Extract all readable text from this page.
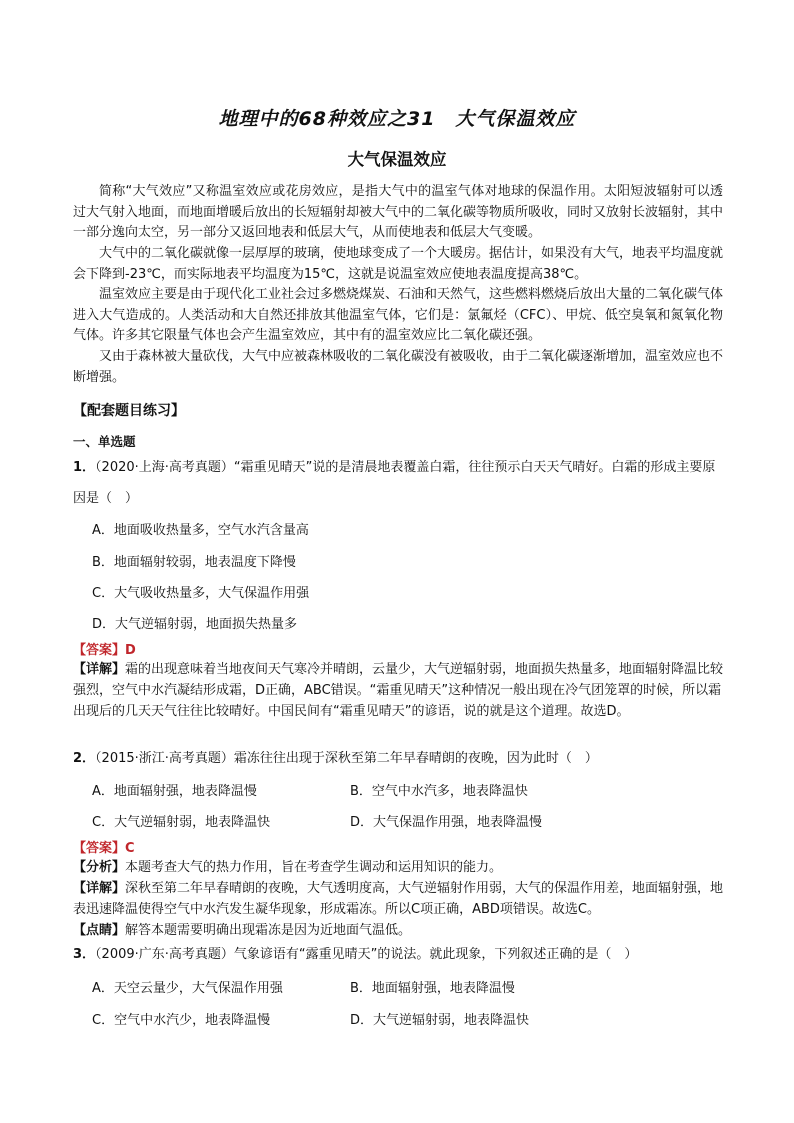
地理中的68种效应之31　大气保温效应
大气保温效应

简称“大气效应”又称温室效应或花房效应，是指大气中的温室气体对地球的保温作用。太阳短波辐射可以透过大气射入地面，而地面增暖后放出的长短辐射却被大气中的二氧化碳等物质所吸收，同时又放射长波辐射，其中一部分逸向太空，另一部分又返回地表和低层大气，从而使地表和低层大气变暖。

大气中的二氧化碳就像一层厚厚的玻璃，使地球变成了一个大暖房。据估计，如果没有大气，地表平均温度就会下降到-23℃，而实际地表平均温度为15℃，这就是说温室效应使地表温度提高38℃。

温室效应主要是由于现代化工业社会过多燃烧煤炭、石油和天然气，这些燃料燃烧后放出大量的二氧化碳气体进入大气造成的。人类活动和大自然还排放其他温室气体，它们是：氯氟烃（CFC）、甲烷、低空臭氧和氮氧化物气体。许多其它限量气体也会产生温室效应，其中有的温室效应比二氧化碳还强。

又由于森林被大量砍伐，大气中应被森林吸收的二氧化碳没有被吸收，由于二氧化碳逐渐增加，温室效应也不断增强。

【配套题目练习】
一、单选题

1．（2020·上海·高考真题）“霜重见晴天”说的是清晨地表覆盖白霜，往往预示白天天气晴好。白霜的形成主要原因是（　）

A．地面吸收热量多，空气水汽含量高
B．地面辐射较弱，地表温度下降慢
C．大气吸收热量多，大气保温作用强
D．大气逆辐射弱，地面损失热量多
【答案】D

【详解】霜的出现意味着当地夜间天气寒冷并晴朗，云量少，大气逆辐射弱，地面损失热量多，地面辐射降温比较强烈，空气中水汽凝结形成霜，D正确，ABC错误。“霜重见晴天”这种情况一般出现在冷气团笼罩的时候，所以霜出现后的几天天气往往比较晴好。中国民间有“霜重见晴天”的谚语，说的就是这个道理。故选D。

2．（2015·浙江·高考真题）霜冻往往出现于深秋至第二年早春晴朗的夜晚，因为此时（　）

A．地面辐射强，地表降温慢	B．空气中水汽多，地表降温快
C．大气逆辐射弱，地表降温快	D．大气保温作用强，地表降温慢
【答案】C

【分析】本题考查大气的热力作用，旨在考查学生调动和运用知识的能力。

【详解】深秋至第二年早春晴朗的夜晚，大气透明度高，大气逆辐射作用弱，大气的保温作用差，地面辐射强，地表迅速降温使得空气中水汽发生凝华现象，形成霜冻。所以C项正确，ABD项错误。故选C。

【点睛】解答本题需要明确出现霜冻是因为近地面气温低。

3．（2009·广东·高考真题）气象谚语有“露重见晴天”的说法。就此现象，下列叙述正确的是（　）

A．天空云量少，大气保温作用强	B．地面辐射强，地表降温慢
C．空气中水汽少，地表降温慢	D．大气逆辐射弱，地表降温快
